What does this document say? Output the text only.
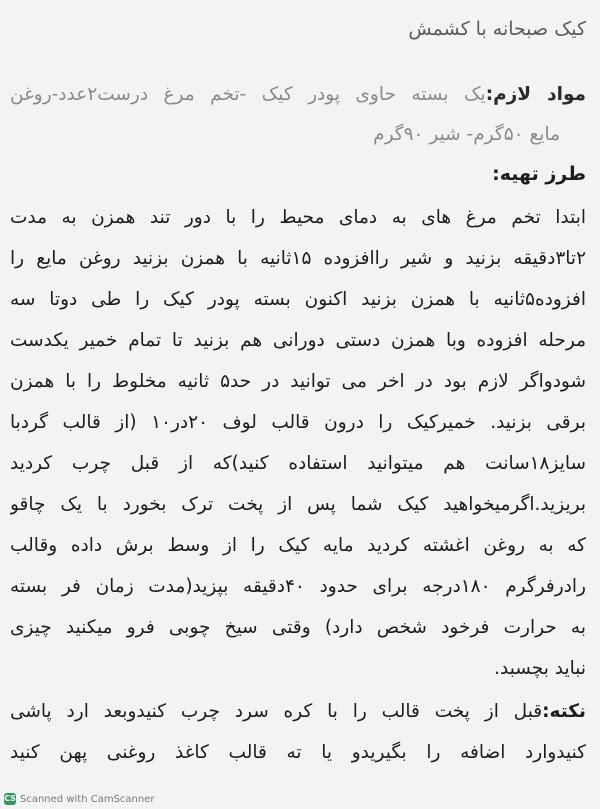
کیک صبحانه با کشمش
مواد لازم:یک بسته حاوی پودر کیک -تخم مرغ درست۲عدد-روغن
مایع ۵۰گرم- شیر ۹۰گرم
طرز تهیه:
ابتدا تخم مرغ های به دمای محیط را با دور تند همزن به مدت
۲تا۳دقیقه بزنید و شیر راافزوده ۱۵ثانیه با همزن بزنید روغن مایع را
افزوده۵ثانیه با همزن بزنید اکنون بسته پودر کیک را طی دوتا سه
مرحله افزوده وبا همزن دستی دورانی هم بزنید تا تمام خمیر یکدست
شودواگر لازم بود در اخر می توانید در حد۵ ثانیه مخلوط را با همزن
برقی بزنید. خمیرکیک را درون قالب لوف ۲۰در۱۰ (از قالب گردبا
سایز۱۸سانت هم میتوانید استفاده کنید)که از قبل چرب کردید
بریزید.اگرمیخواهید کیک شما پس از پخت ترک بخورد با یک چاقو
که به روغن اغشته کردید مایه کیک را از وسط برش داده وقالب
رادرفرگرم ۱۸۰درجه برای حدود ۴۰دقیقه بپزید(مدت زمان فر بسته
به حرارت فرخود شخص دارد) وقتی سیخ چوبی فرو میکنید چیزی
نباید بچسبد.
نکته:قبل از پخت قالب را با کره سرد چرب کنیدوبعد ارد پاشی
کنیدوارد اضافه را بگیریدو یا ته قالب کاغذ روغنی پهن کنید
CS Scanned with CamScanner
